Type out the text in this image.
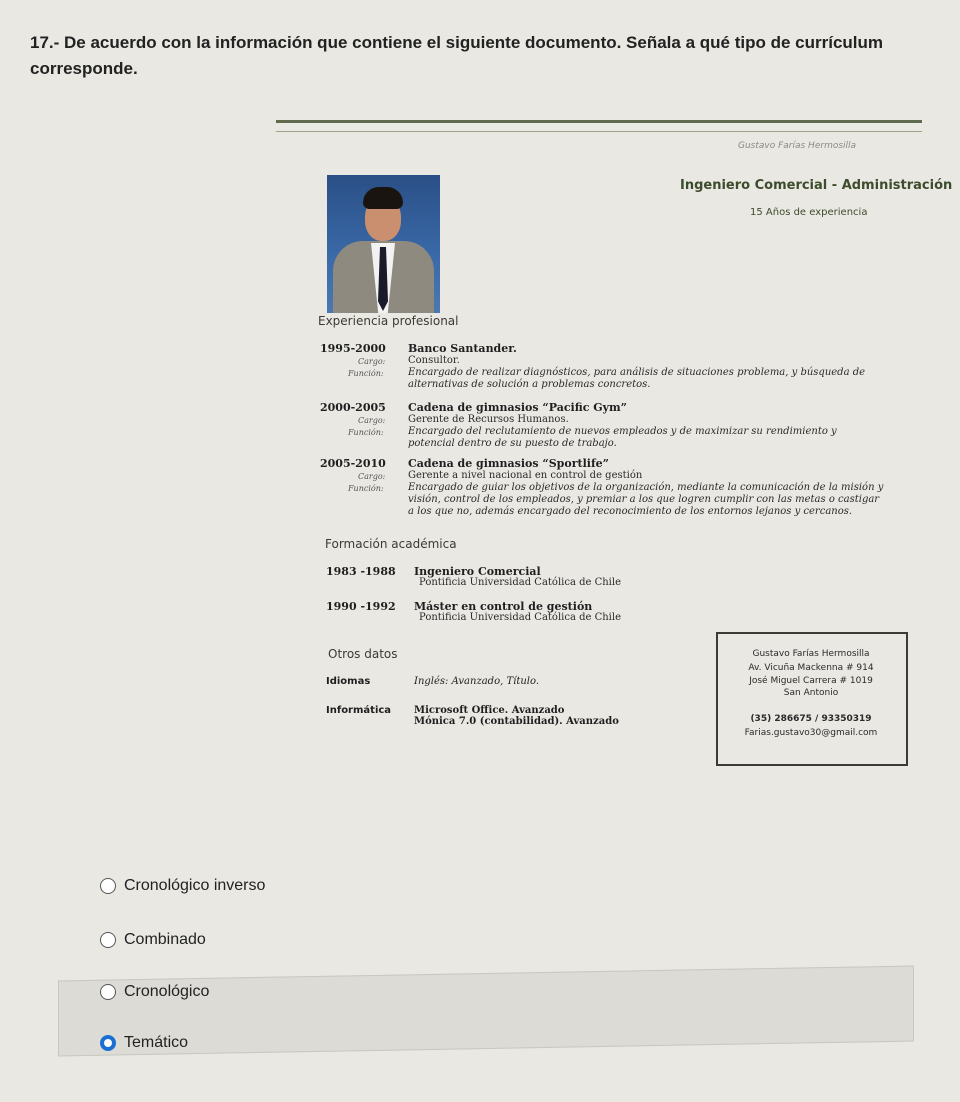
17.- De acuerdo con la información que contiene el siguiente documento. Señala a qué tipo de currículum corresponde.
Gustavo Farías Hermosilla
Ingeniero Comercial - Administración
15 Años de experiencia
Experiencia profesional
1995-2000 Banco Santander.
Cargo: Consultor.
Función: Encargado de realizar diagnósticos, para análisis de situaciones problema, y búsqueda de alternativas de solución a problemas concretos.
2000-2005 Cadena de gimnasios “Pacific Gym”
Cargo: Gerente de Recursos Humanos.
Función: Encargado del reclutamiento de nuevos empleados y de maximizar su rendimiento y potencial dentro de su puesto de trabajo.
2005-2010 Cadena de gimnasios “Sportlife”
Cargo: Gerente a nivel nacional en control de gestión
Función: Encargado de guiar los objetivos de la organización, mediante la comunicación de la misión y visión, control de los empleados, y premiar a los que logren cumplir con las metas o castigar a los que no, además encargado del reconocimiento de los entornos lejanos y cercanos.
Formación académica
1983 -1988 Ingeniero Comercial
Pontificia Universidad Católica de Chile
1990 -1992 Máster en control de gestión
Pontificia Universidad Católica de Chile
Otros datos
Idiomas	Inglés: Avanzado, Título.
Informática Microsoft Office. Avanzado
Mónica 7.0 (contabilidad). Avanzado
Gustavo Farías Hermosilla
Av. Vicuña Mackenna # 914
José Miguel Carrera # 1019
San Antonio
(35) 286675 / 93350319
Farias.gustavo30@gmail.com
Cronológico inverso
Combinado
Cronológico
Temático
